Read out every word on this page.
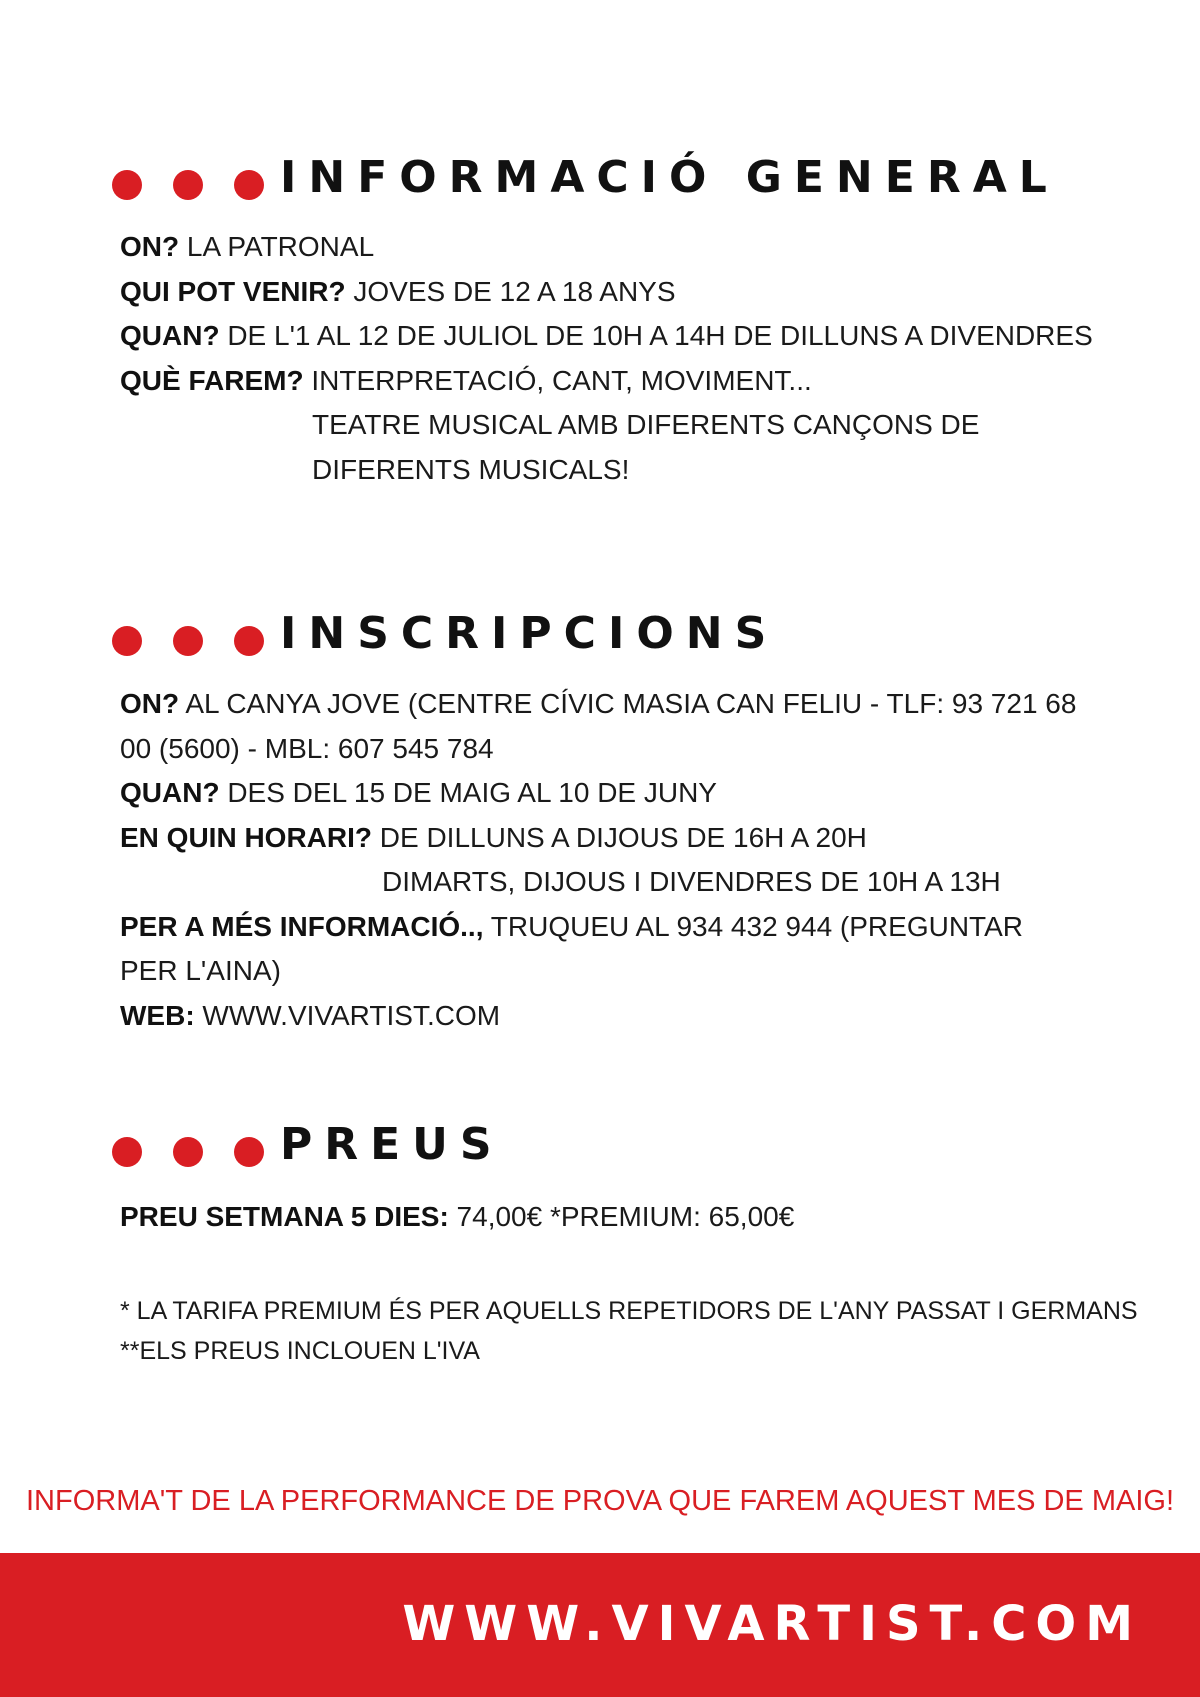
INFORMACIÓ GENERAL
ON? LA PATRONAL
QUI POT VENIR? JOVES DE 12 A 18 ANYS
QUAN? DE L'1 AL 12 DE JULIOL DE 10H A 14H DE DILLUNS A DIVENDRES
QUÈ FAREM? INTERPRETACIÓ, CANT, MOVIMENT...
TEATRE MUSICAL AMB DIFERENTS CANÇONS DE
DIFERENTS MUSICALS!
INSCRIPCIONS
ON? AL CANYA JOVE (CENTRE CÍVIC MASIA CAN FELIU - TLF: 93 721 68 00 (5600) - MBL: 607 545 784
QUAN? DES DEL 15 DE MAIG AL 10 DE JUNY
EN QUIN HORARI? DE DILLUNS A DIJOUS DE 16H A 20H
DIMARTS, DIJOUS I DIVENDRES DE 10H A 13H
PER A MÉS INFORMACIÓ.., TRUQUEU AL 934 432 944 (PREGUNTAR PER L'AINA)
WEB: WWW.VIVARTIST.COM
PREUS
PREU SETMANA 5 DIES: 74,00€ *PREMIUM: 65,00€
* LA TARIFA PREMIUM ÉS PER AQUELLS REPETIDORS DE L'ANY PASSAT I GERMANS
**ELS PREUS INCLOUEN L'IVA
INFORMA'T DE LA PERFORMANCE DE PROVA QUE FAREM AQUEST MES DE MAIG!
WWW.VIVARTIST.COM
